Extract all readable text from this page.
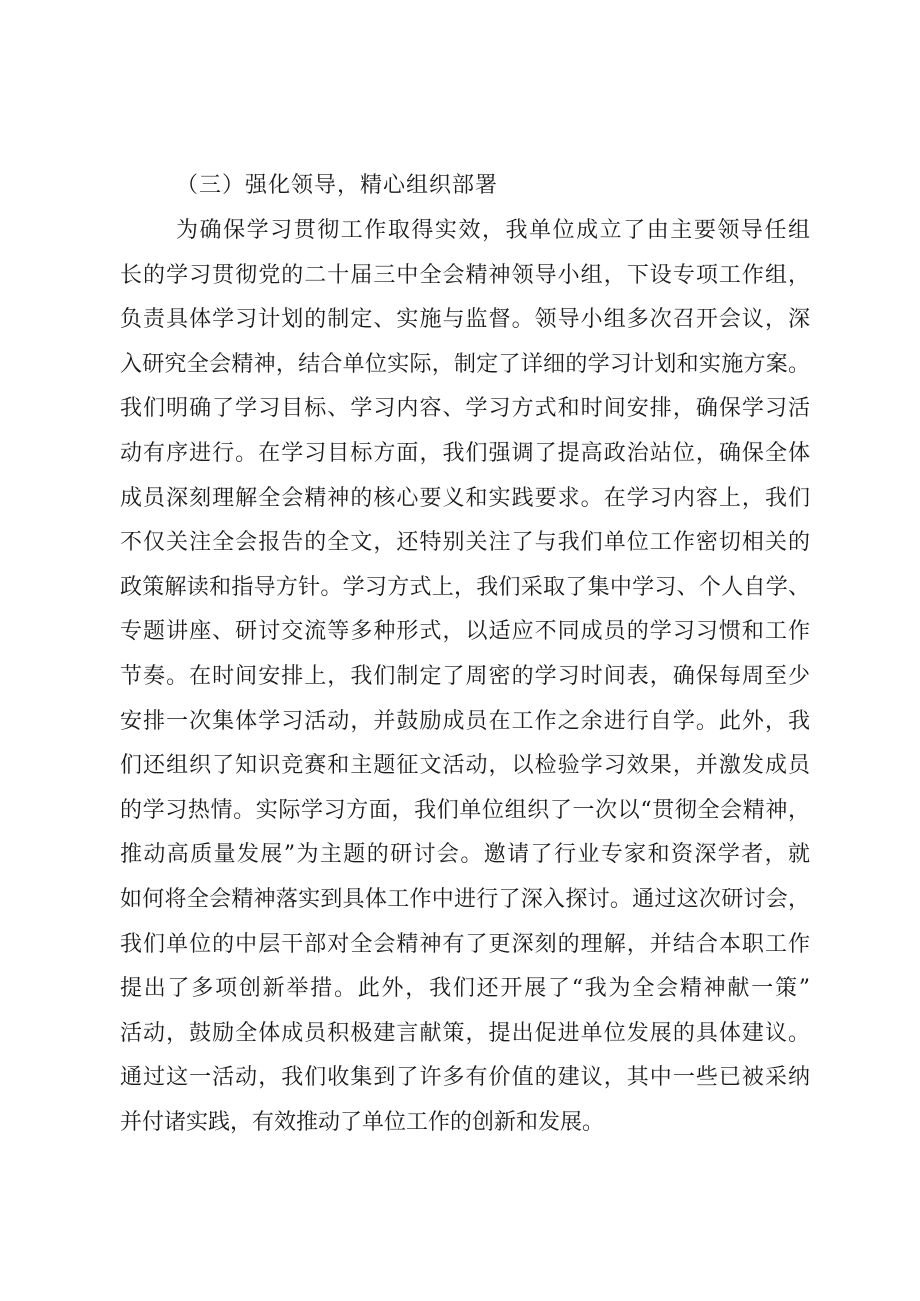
（三）强化领导，精心组织部署
为确保学习贯彻工作取得实效，我单位成立了由主要领导任组
长的学习贯彻党的二十届三中全会精神领导小组，下设专项工作组，
负责具体学习计划的制定、实施与监督。领导小组多次召开会议，深
入研究全会精神，结合单位实际，制定了详细的学习计划和实施方案。
我们明确了学习目标、学习内容、学习方式和时间安排，确保学习活
动有序进行。在学习目标方面，我们强调了提高政治站位，确保全体
成员深刻理解全会精神的核心要义和实践要求。在学习内容上，我们
不仅关注全会报告的全文，还特别关注了与我们单位工作密切相关的
政策解读和指导方针。学习方式上，我们采取了集中学习、个人自学、
专题讲座、研讨交流等多种形式，以适应不同成员的学习习惯和工作
节奏。在时间安排上，我们制定了周密的学习时间表，确保每周至少
安排一次集体学习活动，并鼓励成员在工作之余进行自学。此外，我
们还组织了知识竞赛和主题征文活动，以检验学习效果，并激发成员
的学习热情。实际学习方面，我们单位组织了一次以“贯彻全会精神，
推动高质量发展”为主题的研讨会。邀请了行业专家和资深学者，就
如何将全会精神落实到具体工作中进行了深入探讨。通过这次研讨会，
我们单位的中层干部对全会精神有了更深刻的理解，并结合本职工作
提出了多项创新举措。此外，我们还开展了“我为全会精神献一策”
活动，鼓励全体成员积极建言献策，提出促进单位发展的具体建议。
通过这一活动，我们收集到了许多有价值的建议，其中一些已被采纳
并付诸实践，有效推动了单位工作的创新和发展。
